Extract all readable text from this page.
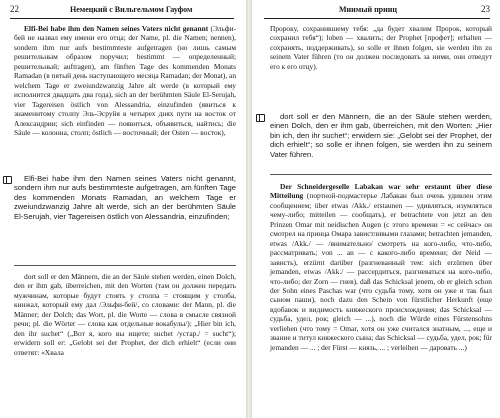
22	Немецкий с Вильгельмом Гауфом

Elfi-Bei habe ihm den Namen seines Vaters nicht genannt (Эльфи-бей не назвал ему имени его отца; der Name, pl. die Namen; nennen), sondern ihm nur aufs bestimmteste aufgetragen (но лишь самым решительным образом поручил; bestimmt — определенный; решительный; auftragen), am fünften Tage des kommenden Monats Ramadan (в пятый день наступающего месяца Ramadan; der Monat), an welchem Tage er zweiundzwanzig Jahre alt werde (в который ему исполнится двадцать два года), sich an der berühmten Säule El-Serujah, vier Tagereisen östlich von Alessandria, einzufinden (явиться к знаменитому столпу Эль-Эсруйя в четырех днях пути на восток от Александрии; sich einfinden — появиться, объявиться, найтись; die Säule — колонна, столп; östlich — восточный; der Osten — восток),

Elfi-Bei habe ihm den Namen seines Vaters nicht genannt, sondern ihm nur aufs bestimmteste aufgetragen, am fünften Tage des kommenden Monats Ramadan, an welchem Tage er zweiundzwanzig Jahre alt werde, sich an der berühmten Säule El-Serujah, vier Tagereisen östlich von Alessandria, einzufinden;

dort soll er den Männern, die an der Säule stehen werden, einen Dolch, den er ihm gab, überreichen, mit den Worten (там он должен передать мужчинам, которые будут стоять у столпа = стоящим у столба, кинжал, который ему дал /Эльфи-бей/, со словами: der Mann, pl. die Männer; der Dolch; das Wort, pl. die Worte — слова в смысле связной речи; pl. die Wörter — слова как отдельные вокабулы/): „Hier bin ich, den ihr suchet“ („Вот я, кого вы ищете; suchet /устар./ = sucht“); erwidern soll er: „Gelobt sei der Prophet, der dich erhielt“ (если они ответят: «Хвала

Мнимый принц	23

Пророку, сохранившему тебя: „да будет хвалим Пророк, который сохранил тебя“); loben — хвалить; der Prophet [профет]; erhalten — сохранять, поддерживать), so solle er ihnen folgen, sie werden ihn zu seinem Vater führen (то он должен последовать за ними, они отведут его к его отцу).

dort soll er den Männern, die an der Säule stehen werden, einen Dolch, den er ihm gab, überreichen, mit den Worten: „Hier bin ich, den ihr suchet“; erwidern sie: „Gelobt sei der Prophet, der dich erhielt“; so solle er ihnen folgen, sie werden ihn zu seinem Vater führen.

Der Schneidergeselle Labakan war sehr erstaunt über diese Mitteilung (портной-подмастерье Лабакан был очень удивлен этим сообщением; über etwas /Akk./ erstaunen — удивляться, изумляться чему-либо; mitteilen — сообщать), er betrachtete von jetzt an den Prinzen Omar mit neidischen Augen (с этого времени = «с сейчас» он смотрел на принца Омара завистливыми глазами; betrachten jemanden, etwas /Akk./ — /внимательно/ смотреть на кого-либо, что-либо, рассматривать; von ... an — с какого-либо времени; der Neid — зависть), erzürnt darüber (разгневанный тем: sich erzürnen über jemanden, etwas /Akk./ — рассердиться, разгневаться на кого-либо, что-либо; der Zorn — гнев), daß das Schicksal jenem, ob er gleich schon der Sohn eines Paschas war (что судьба тому, хотя он уже и так был сыном паши), noch dazu den Schein von fürstlicher Herkunft (еще вдобавок и видимость княжеского происхождения; das Schicksal — судьба, удел, рок; gleich — ...), noch die Würde eines Fürstensohns verliehen (что тому = Omar, хотя он уже считался знатным, ..., еще и звание и титул княжеского сына; das Schicksal — судьба, удел, рок; für jemanden — ... ; der Fürst — князь, ... ; verleihen — даровать ...)
